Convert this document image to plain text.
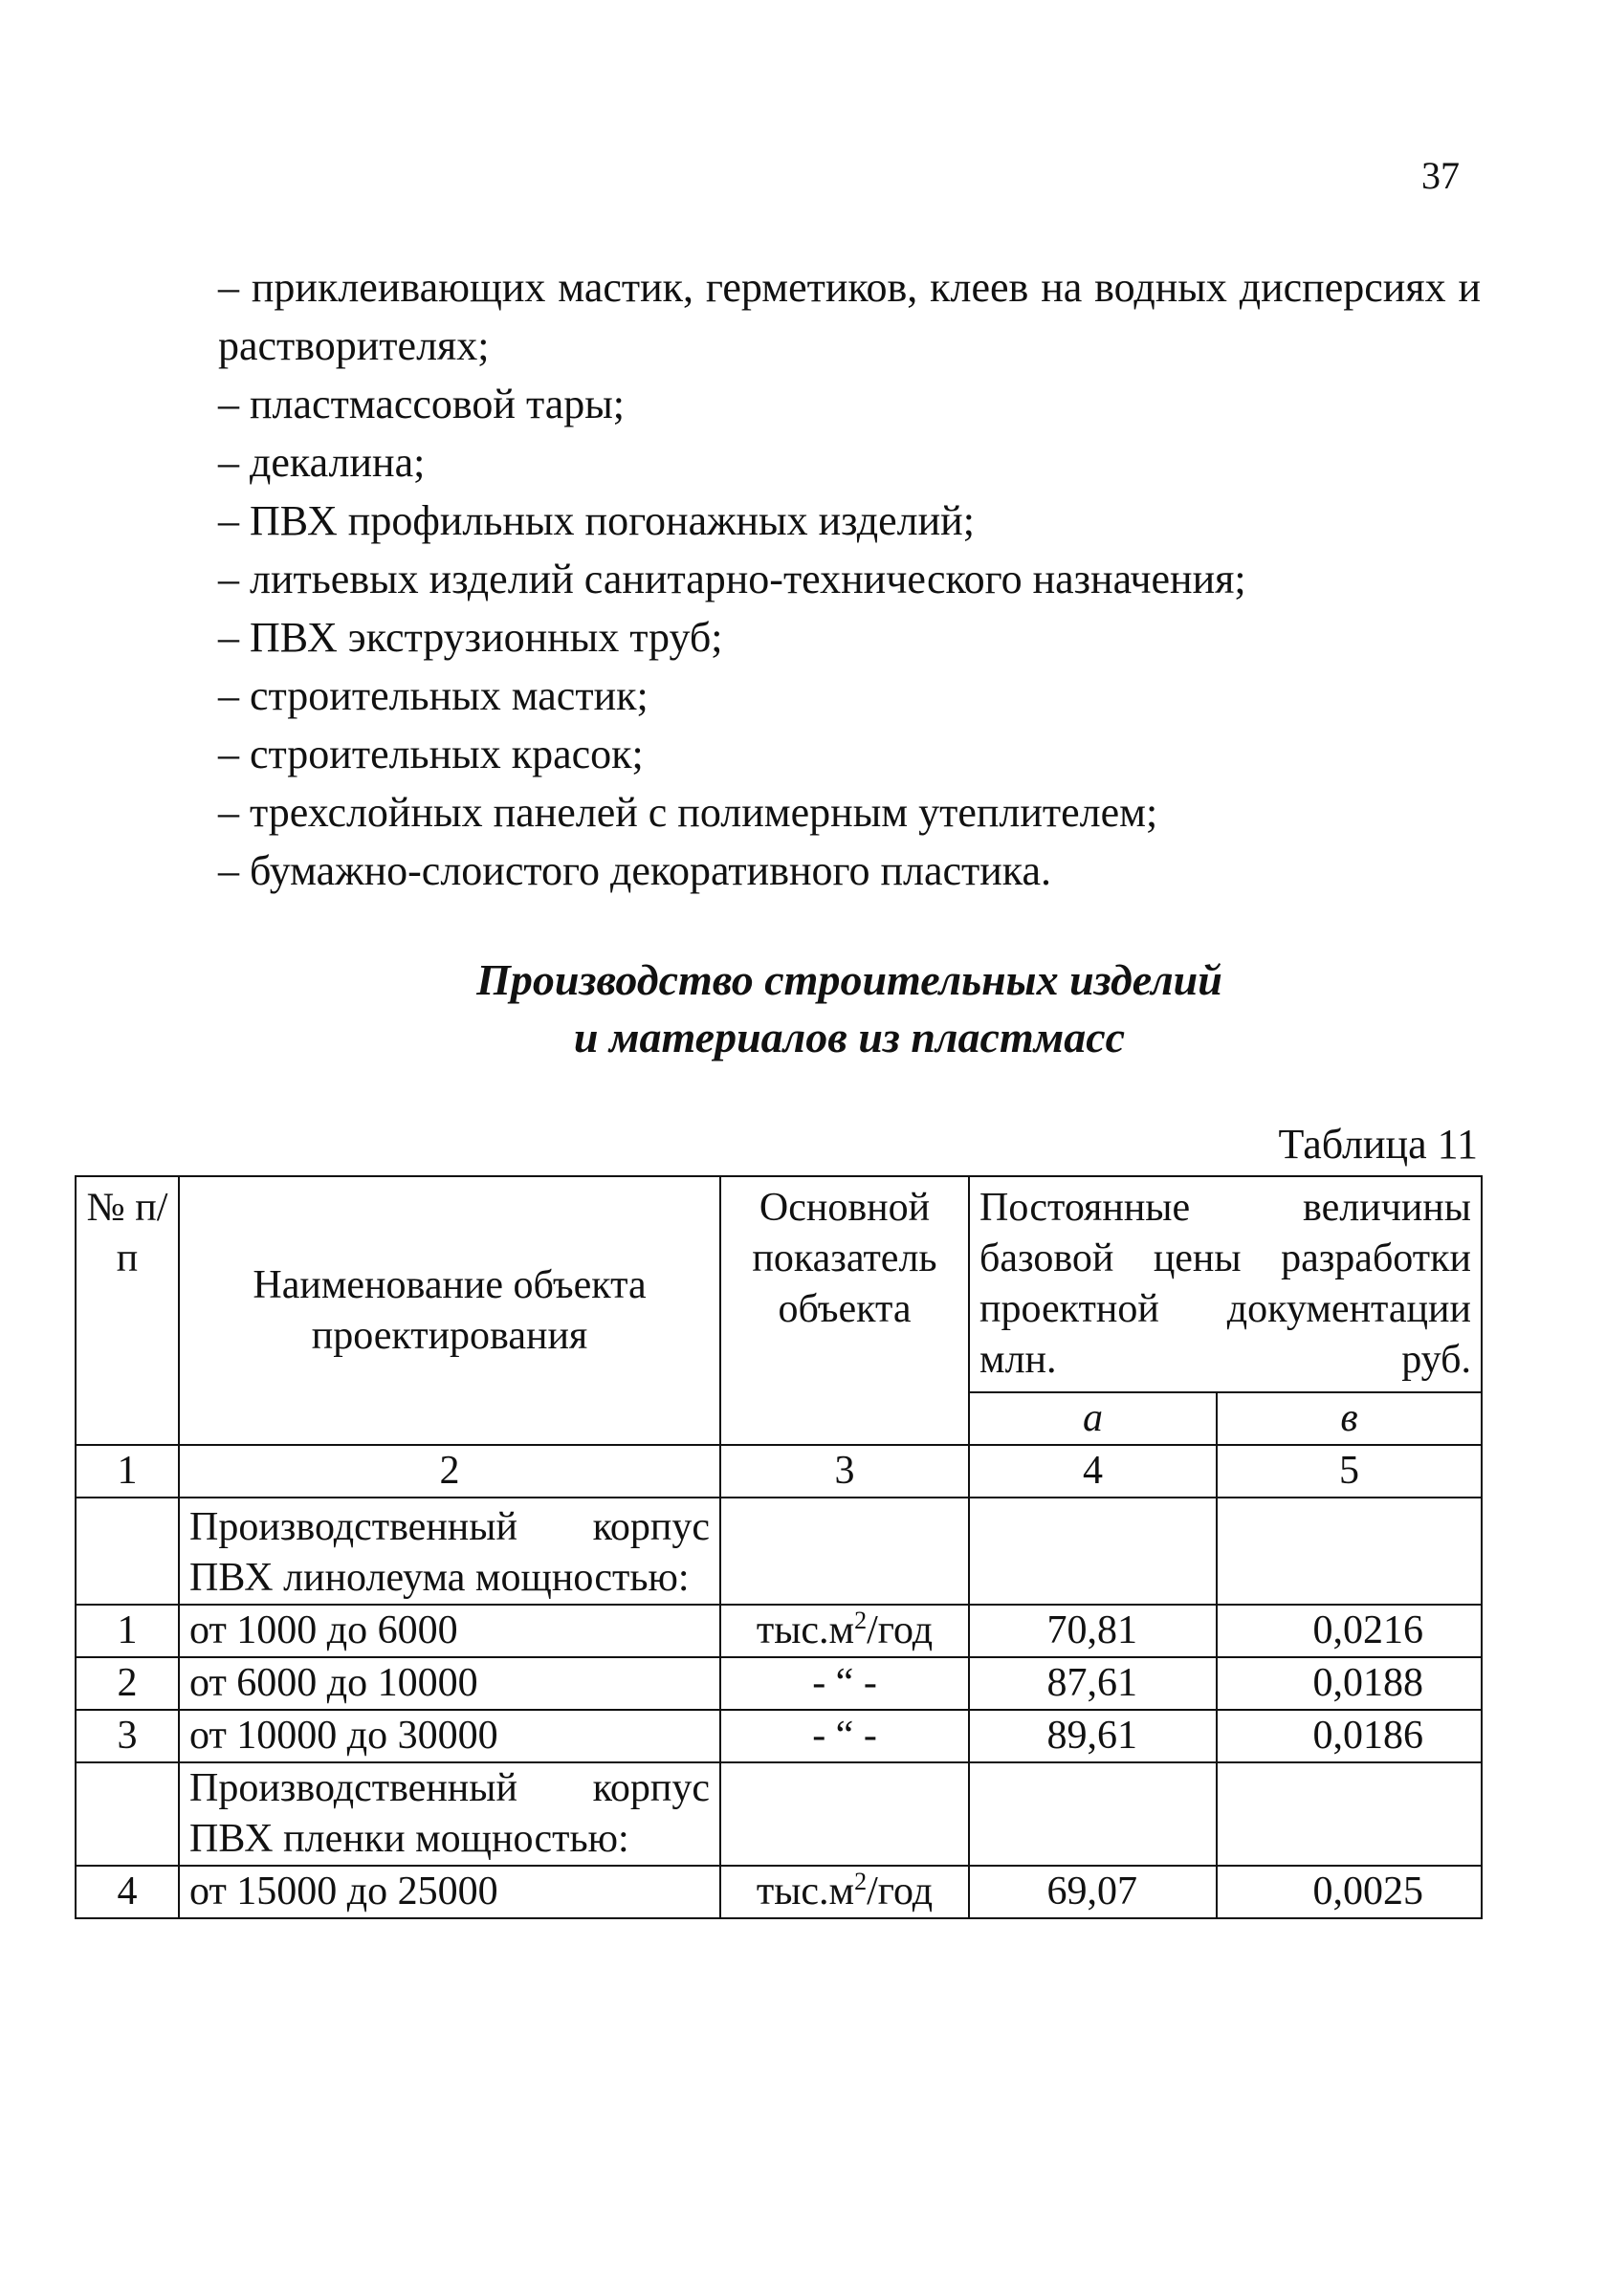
37
– приклеивающих мастик, герметиков, клеев на водных дисперсиях и растворителях;
– пластмассовой тары;
– декалина;
– ПВХ профильных погонажных изделий;
– литьевых изделий санитарно-технического назначения;
– ПВХ экструзионных труб;
– строительных мастик;
– строительных красок;
– трехслойных панелей с полимерным утеплителем;
– бумажно-слоистого декоративного пластика.
Производство строительных изделий
и материалов из пластмасс
Таблица 11
№ п/п	Наименование объекта проектирования	Основной показатель объекта	Постоянные величины базовой цены разработки проектной документации млн. руб.	
			а	в
1	2	3	4	5
	Производственный корпус ПВХ линолеума мощностью:			
1	от 1000 до 6000	$тыс.м^2$/год	70,81	0,0216
2	от 6000 до 10000	- “ -	87,61	0,0188
3	от 10000 до 30000	- “ -	89,61	0,0186
	Производственный корпус ПВХ пленки мощностью:			
4	от 15000 до 25000	$тыс.м^2$/год	69,07	0,0025
